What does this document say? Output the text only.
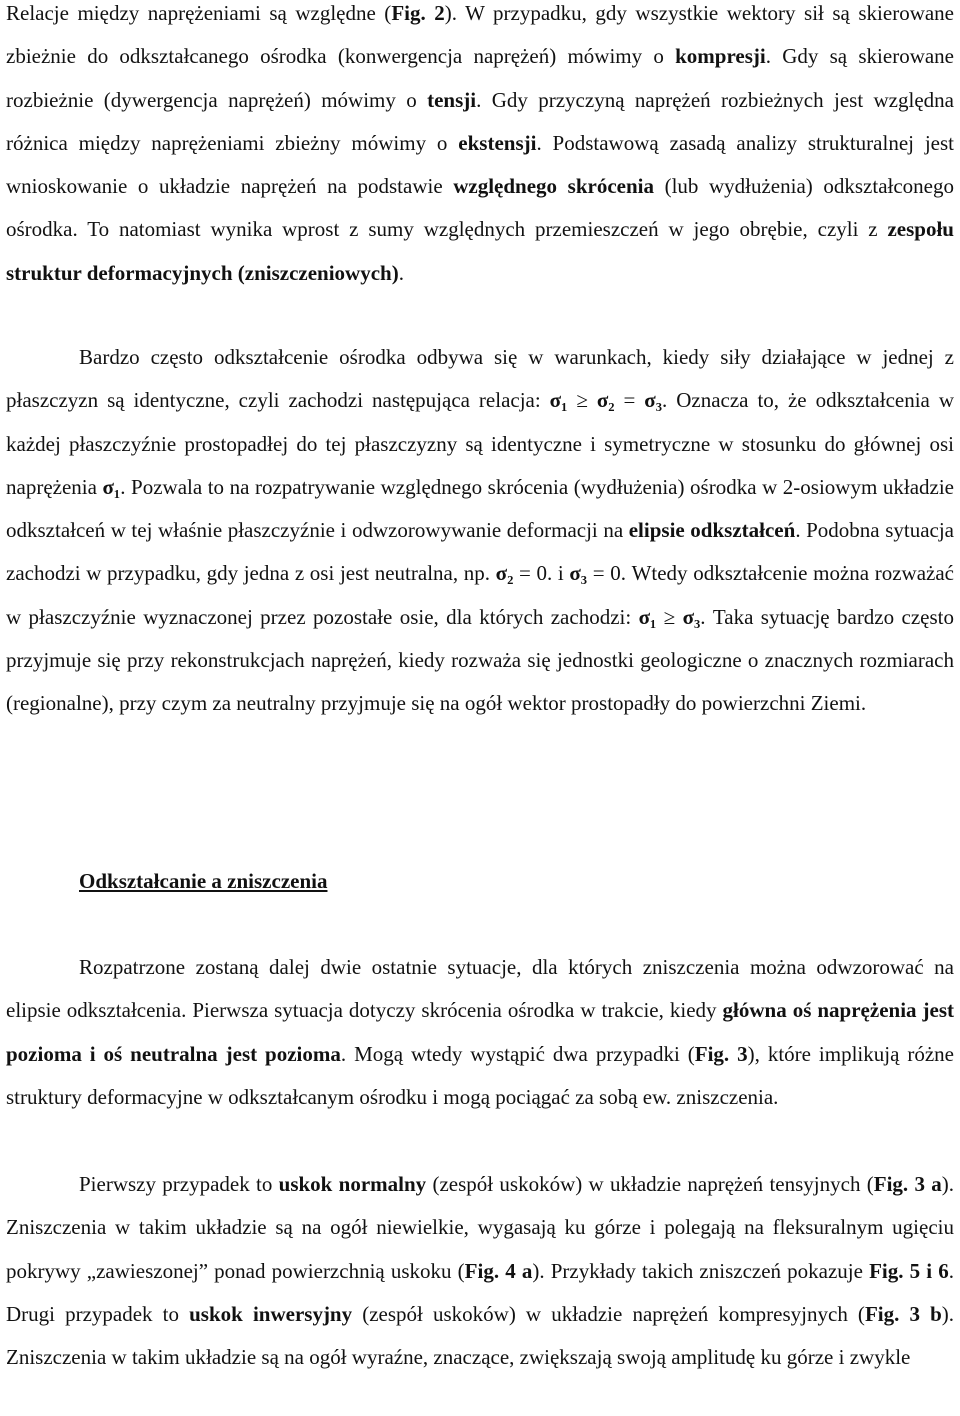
Relacje między naprężeniami są względne (Fig. 2). W przypadku, gdy wszystkie wektory sił są skierowane zbieżnie do odkształcanego ośrodka (konwergencja naprężeń) mówimy o kompresji. Gdy są skierowane rozbieżnie (dywergencja naprężeń) mówimy o tensji. Gdy przyczyną naprężeń rozbieżnych jest względna różnica między naprężeniami zbieżny mówimy o ekstensji. Podstawową zasadą analizy strukturalnej jest wnioskowanie o układzie naprężeń na podstawie względnego skrócenia (lub wydłużenia) odkształconego ośrodka. To natomiast wynika wprost z sumy względnych przemieszczeń w jego obrębie, czyli z zespołu struktur deformacyjnych (zniszczeniowych).

Bardzo często odkształcenie ośrodka odbywa się w warunkach, kiedy siły działające w jednej z płaszczyzn są identyczne, czyli zachodzi następująca relacja: σ₁ ≥ σ₂ = σ₃. Oznacza to, że odkształcenia w każdej płaszczyźnie prostopadłej do tej płaszczyzny są identyczne i symetryczne w stosunku do głównej osi naprężenia σ₁. Pozwala to na rozpatrywanie względnego skrócenia (wydłużenia) ośrodka w 2-osiowym układzie odkształceń w tej właśnie płaszczyźnie i odwzorowywanie deformacji na elipsie odkształceń. Podobna sytuacja zachodzi w przypadku, gdy jedna z osi jest neutralna, np. σ₂ = 0. i σ₃ = 0. Wtedy odkształcenie można rozważać w płaszczyźnie wyznaczonej przez pozostałe osie, dla których zachodzi: σ₁ ≥ σ₃. Taka sytuację bardzo często przyjmuje się przy rekonstrukcjach naprężeń, kiedy rozważa się jednostki geologiczne o znacznych rozmiarach (regionalne), przy czym za neutralny przyjmuje się na ogół wektor prostopadły do powierzchni Ziemi.

Odkształcanie a zniszczenia

Rozpatrzone zostaną dalej dwie ostatnie sytuacje, dla których zniszczenia można odwzorować na elipsie odkształcenia. Pierwsza sytuacja dotyczy skrócenia ośrodka w trakcie, kiedy główna oś naprężenia jest pozioma i oś neutralna jest pozioma. Mogą wtedy wystąpić dwa przypadki (Fig. 3), które implikują różne struktury deformacyjne w odkształcanym ośrodku i mogą pociągać za sobą ew. zniszczenia.

Pierwszy przypadek to uskok normalny (zespół uskoków) w układzie naprężeń tensyjnych (Fig. 3 a). Zniszczenia w takim układzie są na ogół niewielkie, wygasają ku górze i polegają na fleksuralnym ugięciu pokrywy „zawieszonej” ponad powierzchnią uskoku (Fig. 4 a). Przykłady takich zniszczeń pokazuje Fig. 5 i 6. Drugi przypadek to uskok inwersyjny (zespół uskoków) w układzie naprężeń kompresyjnych (Fig. 3 b). Zniszczenia w takim układzie są na ogół wyraźne, znaczące, zwiększają swoją amplitudę ku górze i zwykle
